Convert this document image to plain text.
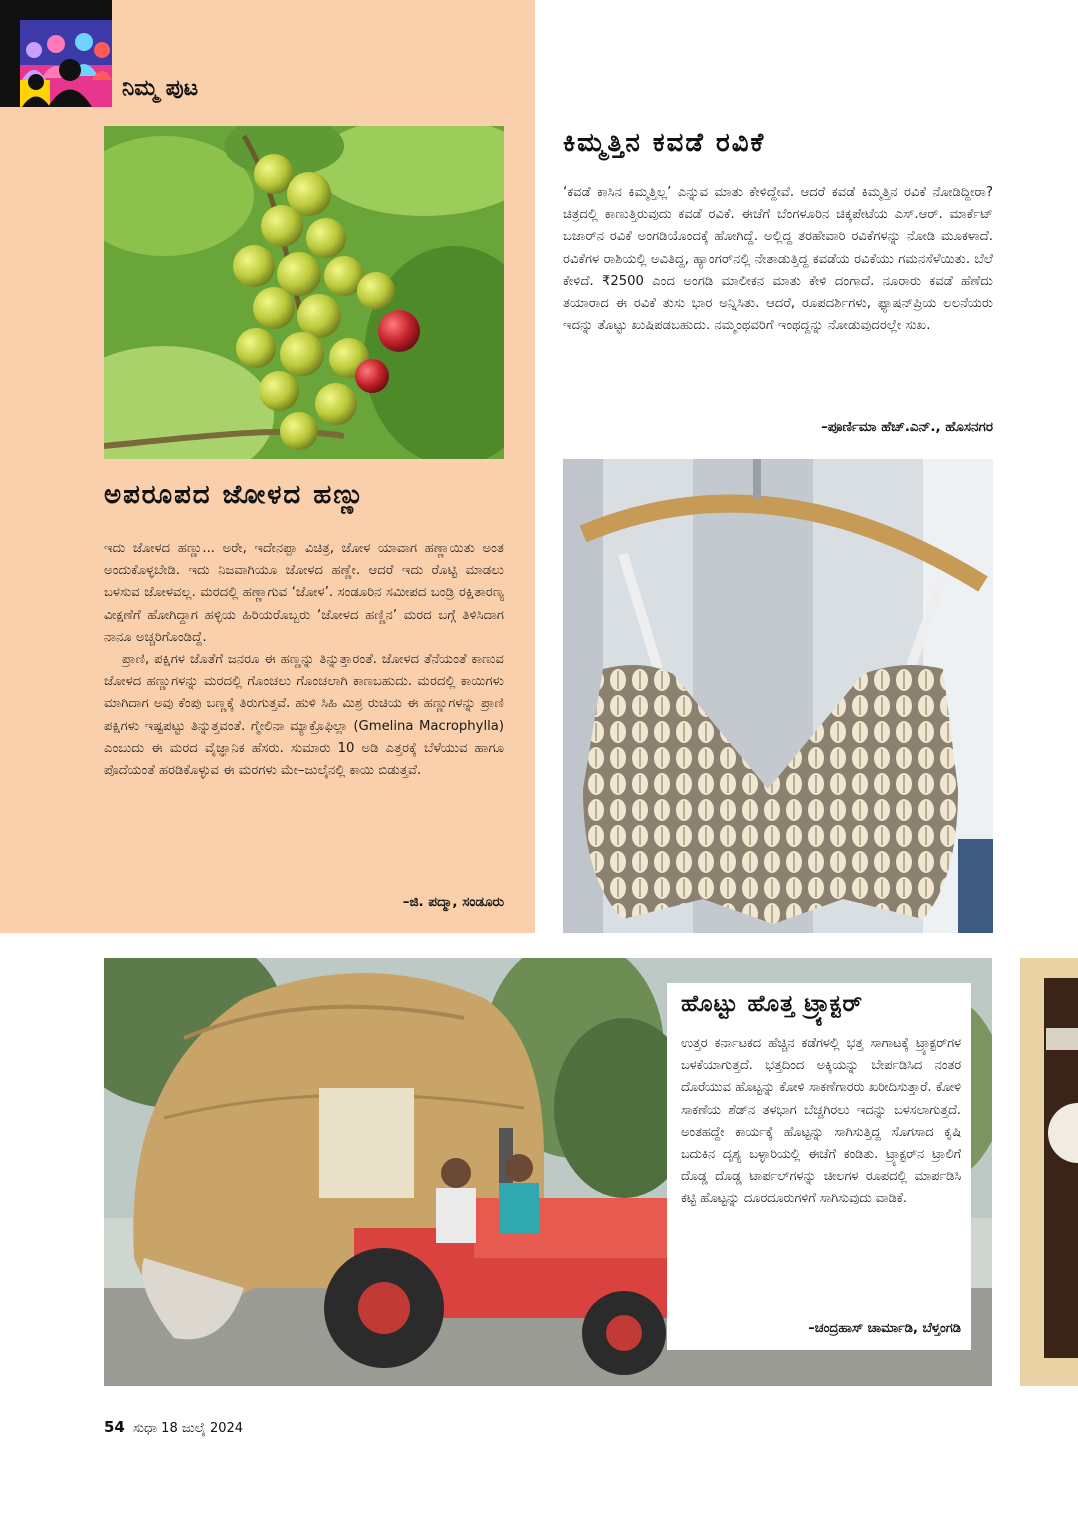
ನಿಮ್ಮ ಪುಟ
ಅಪರೂಪದ ಜೋಳದ ಹಣ್ಣು

ಇದು ಜೋಳದ ಹಣ್ಣು... ಅರೇ, ಇದೇನಪ್ಪಾ ವಿಚಿತ್ರ, ಜೋಳ ಯಾವಾಗ ಹಣ್ಣಾಯಿತು ಅಂತ ಅಂದುಕೊಳ್ಳಬೇಡಿ. ಇದು ನಿಜವಾಗಿಯೂ ಜೋಳದ ಹಣ್ಣೇ. ಆದರೆ ಇದು ರೊಟ್ಟಿ ಮಾಡಲು ಬಳಸುವ ಜೋಳವಲ್ಲ. ಮರದಲ್ಲಿ ಹಣ್ಣಾಗುವ ‘ಜೋಳ’. ಸಂಡೂರಿನ ಸಮೀಪದ ಬಂಡ್ರಿ ರಕ್ಷಿತಾರಣ್ಯ ವೀಕ್ಷಣೆಗೆ ಹೋಗಿದ್ದಾಗ ಹಳ್ಳಿಯ ಹಿರಿಯರೊಬ್ಬರು ‘ಜೋಳದ ಹಣ್ಣಿನ’ ಮರದ ಬಗ್ಗೆ ತಿಳಿಸಿದಾಗ ನಾನೂ ಅಚ್ಚರಿಗೊಂಡಿದ್ದೆ.

ಪ್ರಾಣಿ, ಪಕ್ಷಿಗಳ ಜೊತೆಗೆ ಜನರೂ ಈ ಹಣ್ಣನ್ನು ತಿನ್ನುತ್ತಾರಂತೆ. ಜೋಳದ ತೆನೆಯಂತೆ ಕಾಣುವ ಜೋಳದ ಹಣ್ಣುಗಳನ್ನು ಮರದಲ್ಲಿ ಗೊಂಚಲು ಗೊಂಚಲಾಗಿ ಕಾಣಬಹುದು. ಮರದಲ್ಲಿ ಕಾಯಿಗಳು ಮಾಗಿದಾಗ ಅವು ಕೆಂಪು ಬಣ್ಣಕ್ಕೆ ತಿರುಗುತ್ತವೆ. ಹುಳಿ ಸಿಹಿ ಮಿಶ್ರ ರುಚಿಯ ಈ ಹಣ್ಣುಗಳನ್ನು ಪ್ರಾಣಿ ಪಕ್ಷಿಗಳು ಇಷ್ಟಪಟ್ಟು ತಿನ್ನುತ್ತವಂತೆ. ಗ್ಮೇಲಿನಾ ಮ್ಯಾಕ್ರೊಫಿಲ್ಲಾ (Gmelina Macrophylla) ಎಂಬುದು ಈ ಮರದ ವೈಜ್ಞಾನಿಕ ಹೆಸರು. ಸುಮಾರು 10 ಅಡಿ ಎತ್ತರಕ್ಕೆ ಬೆಳೆಯುವ ಹಾಗೂ ಪೊದೆಯಂತೆ ಹರಡಿಕೊಳ್ಳುವ ಈ ಮರಗಳು ಮೇ–ಜುಲೈನಲ್ಲಿ ಕಾಯಿ ಬಿಡುತ್ತವೆ.

–ಜಿ. ಪದ್ಮಾ, ಸಂಡೂರು
ಕಿಮ್ಮತ್ತಿನ ಕವಡೆ ರವಿಕೆ

‘ಕವಡೆ ಕಾಸಿನ ಕಿಮ್ಮತ್ತಿಲ್ಲ’ ಎನ್ನುವ ಮಾತು ಕೇಳಿದ್ದೇವೆ. ಆದರೆ ಕವಡೆ ಕಿಮ್ಮತ್ತಿನ ರವಿಕೆ ನೋಡಿದ್ದೀರಾ? ಚಿತ್ರದಲ್ಲಿ ಕಾಣುತ್ತಿರುವುದು ಕವಡೆ ರವಿಕೆ. ಈಚೆಗೆ ಬೆಂಗಳೂರಿನ ಚಿಕ್ಕಪೇಟೆಯ ಎಸ್.ಆರ್. ಮಾರ್ಕೆಟ್ ಬಜಾರ್‌ನ ರವಿಕೆ ಅಂಗಡಿಯೊಂದಕ್ಕೆ ಹೋಗಿದ್ದೆ. ಅಲ್ಲಿದ್ದ ತರಹೇವಾರಿ ರವಿಕೆಗಳನ್ನು ನೋಡಿ ಮೂಕಳಾದೆ. ರವಿಕೆಗಳ ರಾಶಿಯಲ್ಲಿ ಅವಿತಿದ್ದ, ಹ್ಯಾಂಗರ್‌ನಲ್ಲಿ ನೇತಾಡುತ್ತಿದ್ದ ಕವಡೆಯ ರವಿಕೆಯು ಗಮನಸೆಳೆಯಿತು. ಬೆಲೆ ಕೇಳಿದೆ. ₹2500 ಎಂದ ಅಂಗಡಿ ಮಾಲೀಕನ ಮಾತು ಕೇಳಿ ದಂಗಾದೆ. ನೂರಾರು ಕವಡೆ ಹೆಣೆದು ತಯಾರಾದ ಈ ರವಿಕೆ ತುಸು ಭಾರ ಅನ್ನಿಸಿತು. ಆದರೆ, ರೂಪದರ್ಶಿಗಳು, ಫ್ಯಾಷನ್‌ಪ್ರಿಯ ಲಲನೆಯರು ಇದನ್ನು ತೊಟ್ಟು ಖುಷಿಪಡಬಹುದು. ನಮ್ಮಂಥವರಿಗೆ ಇಂಥದ್ದನ್ನು ನೋಡುವುದರಲ್ಲೇ ಸುಖ.

–ಪೂರ್ಣಿಮಾ ಹೆಚ್.ಎನ್., ಹೊಸನಗರ
ಹೊಟ್ಟು ಹೊತ್ತ ಟ್ರ್ಯಾಕ್ಟರ್

ಉತ್ತರ ಕರ್ನಾಟಕದ ಹೆಚ್ಚಿನ ಕಡೆಗಳಲ್ಲಿ ಭತ್ತ ಸಾಗಾಟಕ್ಕೆ ಟ್ರ್ಯಾಕ್ಟರ್‌ಗಳ ಬಳಕೆಯಾಗುತ್ತದೆ. ಭತ್ತದಿಂದ ಅಕ್ಕಿಯನ್ನು ಬೇರ್ಪಡಿಸಿದ ನಂತರ ದೊರೆಯುವ ಹೊಟ್ಟನ್ನು ಕೋಳಿ ಸಾಕಣೆಗಾರರು ಖರೀದಿಸುತ್ತಾರೆ. ಕೋಳಿ ಸಾಕಣೆಯ ಶೆಡ್‌ನ ತಳಭಾಗ ಬೆಚ್ಚಗಿರಲು ಇದನ್ನು ಬಳಸಲಾಗುತ್ತದೆ. ಅಂತಹದ್ದೇ ಕಾರ್ಯಕ್ಕೆ ಹೊಟ್ಟನ್ನು ಸಾಗಿಸುತ್ತಿದ್ದ ಸೊಗಸಾದ ಕೃಷಿ ಬದುಕಿನ ದೃಶ್ಯ ಬಳ್ಳಾರಿಯಲ್ಲಿ ಈಚೆಗೆ ಕಂಡಿತು. ಟ್ರ್ಯಾಕ್ಟರ್‌ನ ಟ್ರಾಲಿಗೆ ದೊಡ್ಡ ದೊಡ್ಡ ಟಾರ್ಪಲ್‌ಗಳನ್ನು ಚೀಲಗಳ ರೂಪದಲ್ಲಿ ಮಾರ್ಪಡಿಸಿ ಕಟ್ಟಿ ಹೊಟ್ಟನ್ನು ದೂರದೂರುಗಳಿಗೆ ಸಾಗಿಸುವುದು ವಾಡಿಕೆ.

–ಚಂದ್ರಹಾಸ್ ಚಾರ್ಮಾಡಿ, ಬೆಳ್ತಂಗಡಿ
54 ಸುಧಾ 18 ಜುಲೈ 2024
